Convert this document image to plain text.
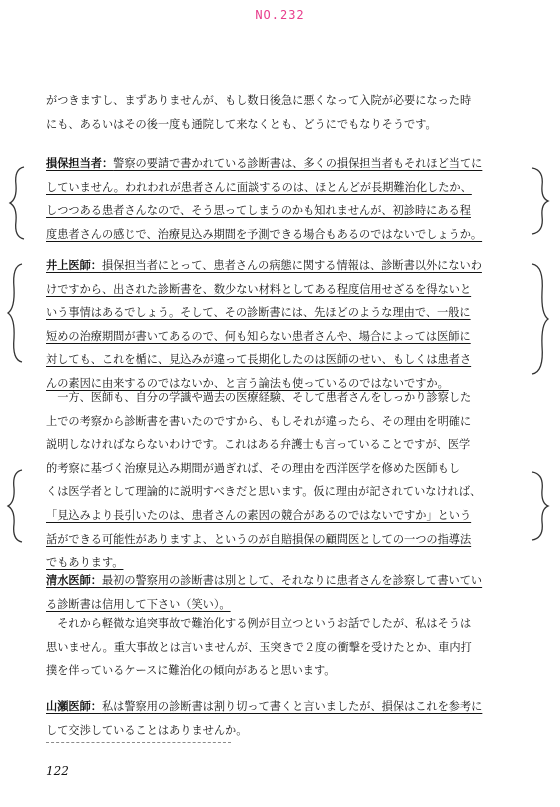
NO.232
がつきますし、まずありませんが、もし数日後急に悪くなって入院が必要になった時
にも、あるいはその後一度も通院して来なくとも、どうにでもなりそうです。
損保担当者：警察の要請で書かれている診断書は、多くの損保担当者もそれほど当てに
していません。われわれが患者さんに面談するのは、ほとんどが長期難治化したか、
しつつある患者さんなので、そう思ってしまうのかも知れませんが、初診時にある程
度患者さんの感じで、治療見込み期間を予測できる場合もあるのではないでしょうか。
井上医師：損保担当者にとって、患者さんの病態に関する情報は、診断書以外にないわ
けですから、出された診断書を、数少ない材料としてある程度信用せざるを得ないと
いう事情はあるでしょう。そして、その診断書には、先ほどのような理由で、一般に
短めの治療期間が書いてあるので、何も知らない患者さんや、場合によっては医師に
対しても、これを楯に、見込みが違って長期化したのは医師のせい、もしくは患者さ
んの素因に由来するのではないか、と言う論法も使っているのではないですか。
　一方、医師も、自分の学識や過去の医療経験、そして患者さんをしっかり診察した
上での考察から診断書を書いたのですから、もしそれが違ったら、その理由を明確に
説明しなければならないわけです。これはある弁護士も言っていることですが、医学
的考察に基づく治療見込み期間が過ぎれば、その理由を西洋医学を修めた医師もし
くは医学者として理論的に説明すべきだと思います。仮に理由が記されていなければ、
「見込みより長引いたのは、患者さんの素因の競合があるのではないですか」という
話ができる可能性がありますよ、というのが自賠損保の顧問医としての一つの指導法
でもあります。
清水医師：最初の警察用の診断書は別として、それなりに患者さんを診察して書いてい
る診断書は信用して下さい（笑い）。
　それから軽微な追突事故で難治化する例が目立つというお話でしたが、私はそうは
思いません。重大事故とは言いませんが、玉突きで２度の衝撃を受けたとか、車内打
撲を伴っているケースに難治化の傾向があると思います。
山瀬医師：私は警察用の診断書は割り切って書くと言いましたが、損保はこれを参考に
して交渉していることはありませんか。
122
